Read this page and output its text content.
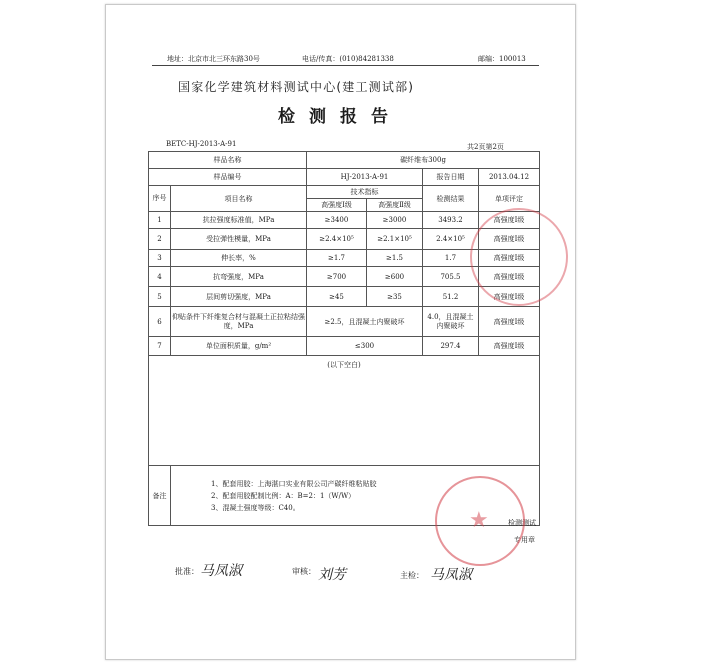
地址：北京市北三环东路30号	电话/传真：(010)84281338	邮编：100013
国家化学建筑材料测试中心(建工测试部)
检测报告
BETC-HJ-2013-A-91	共2页第2页
样品名称		碳纤维布300g			
样品编号		HJ-2013-A-91		报告日期	2013.04.12
序号	项目名称	技术指标		检测结果	单项评定
		高强度Ⅰ级	高强度Ⅱ级		
1	抗拉强度标准值，MPa	≥3400	≥3000	3493.2	高强度Ⅰ级
2	受拉弹性模量，MPa	≥2.4×10⁵	≥2.1×10⁵	2.4×10⁵	高强度Ⅰ级
3	伸长率，%	≥1.7	≥1.5	1.7	高强度Ⅰ级
4	抗弯强度，MPa	≥700	≥600	705.5	高强度Ⅰ级
5	层间剪切强度，MPa	≥45	≥35	51.2	高强度Ⅰ级
6	仰贴条件下纤维复合材与混凝土正拉粘结强度，MPa	≥2.5，且混凝土内聚破坏		4.0，且混凝土内聚破坏	高强度Ⅰ级
7	单位面积质量，g/m²	≤300		297.4	高强度Ⅰ级
(以下空白)					
备注	1、配套用胶：上海湛口实业有限公司产碳纤维粘贴胶
2、配套用胶配制比例：A：B=2：1（W/W）
3、混凝土强度等级：C40。				
检测测试
专用章
★
批准： 马凤淑	审核： 刘芳	主检： 马凤淑
